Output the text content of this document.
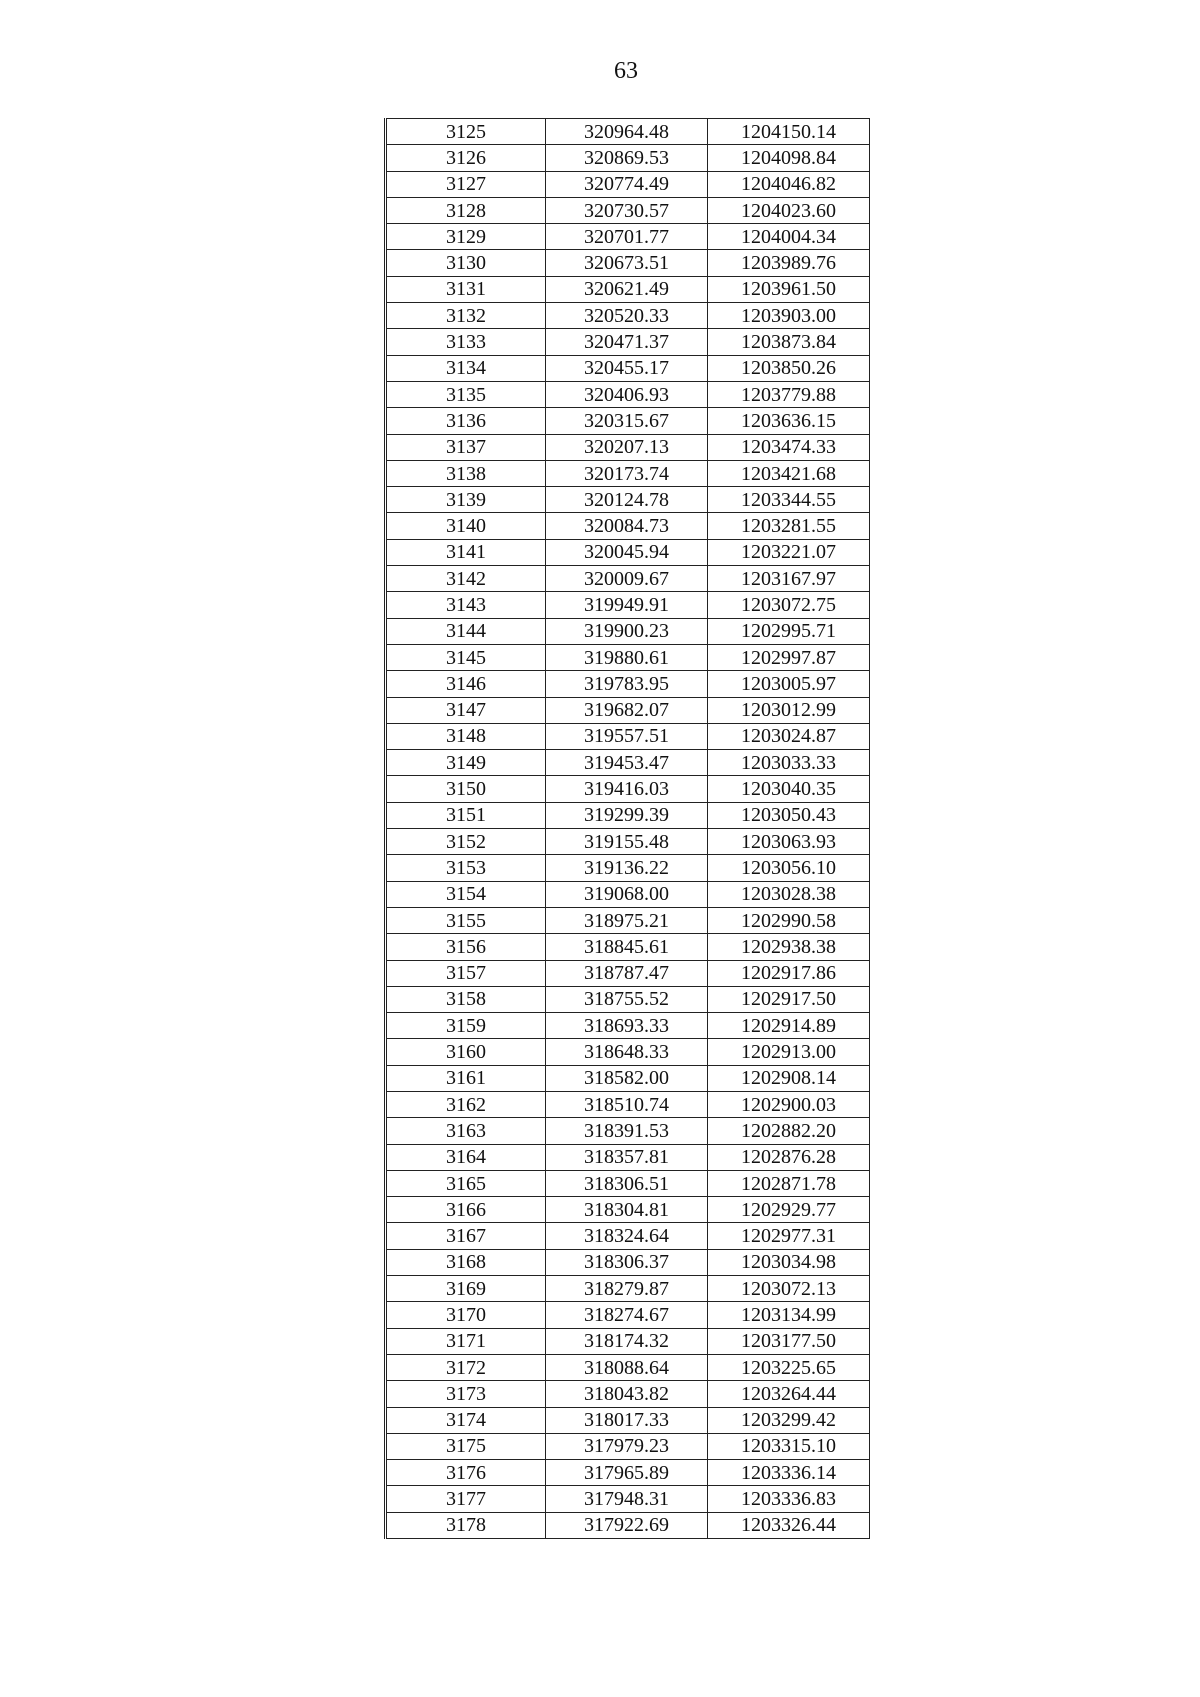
63
3125	320964.48	1204150.14
3126	320869.53	1204098.84
3127	320774.49	1204046.82
3128	320730.57	1204023.60
3129	320701.77	1204004.34
3130	320673.51	1203989.76
3131	320621.49	1203961.50
3132	320520.33	1203903.00
3133	320471.37	1203873.84
3134	320455.17	1203850.26
3135	320406.93	1203779.88
3136	320315.67	1203636.15
3137	320207.13	1203474.33
3138	320173.74	1203421.68
3139	320124.78	1203344.55
3140	320084.73	1203281.55
3141	320045.94	1203221.07
3142	320009.67	1203167.97
3143	319949.91	1203072.75
3144	319900.23	1202995.71
3145	319880.61	1202997.87
3146	319783.95	1203005.97
3147	319682.07	1203012.99
3148	319557.51	1203024.87
3149	319453.47	1203033.33
3150	319416.03	1203040.35
3151	319299.39	1203050.43
3152	319155.48	1203063.93
3153	319136.22	1203056.10
3154	319068.00	1203028.38
3155	318975.21	1202990.58
3156	318845.61	1202938.38
3157	318787.47	1202917.86
3158	318755.52	1202917.50
3159	318693.33	1202914.89
3160	318648.33	1202913.00
3161	318582.00	1202908.14
3162	318510.74	1202900.03
3163	318391.53	1202882.20
3164	318357.81	1202876.28
3165	318306.51	1202871.78
3166	318304.81	1202929.77
3167	318324.64	1202977.31
3168	318306.37	1203034.98
3169	318279.87	1203072.13
3170	318274.67	1203134.99
3171	318174.32	1203177.50
3172	318088.64	1203225.65
3173	318043.82	1203264.44
3174	318017.33	1203299.42
3175	317979.23	1203315.10
3176	317965.89	1203336.14
3177	317948.31	1203336.83
3178	317922.69	1203326.44
